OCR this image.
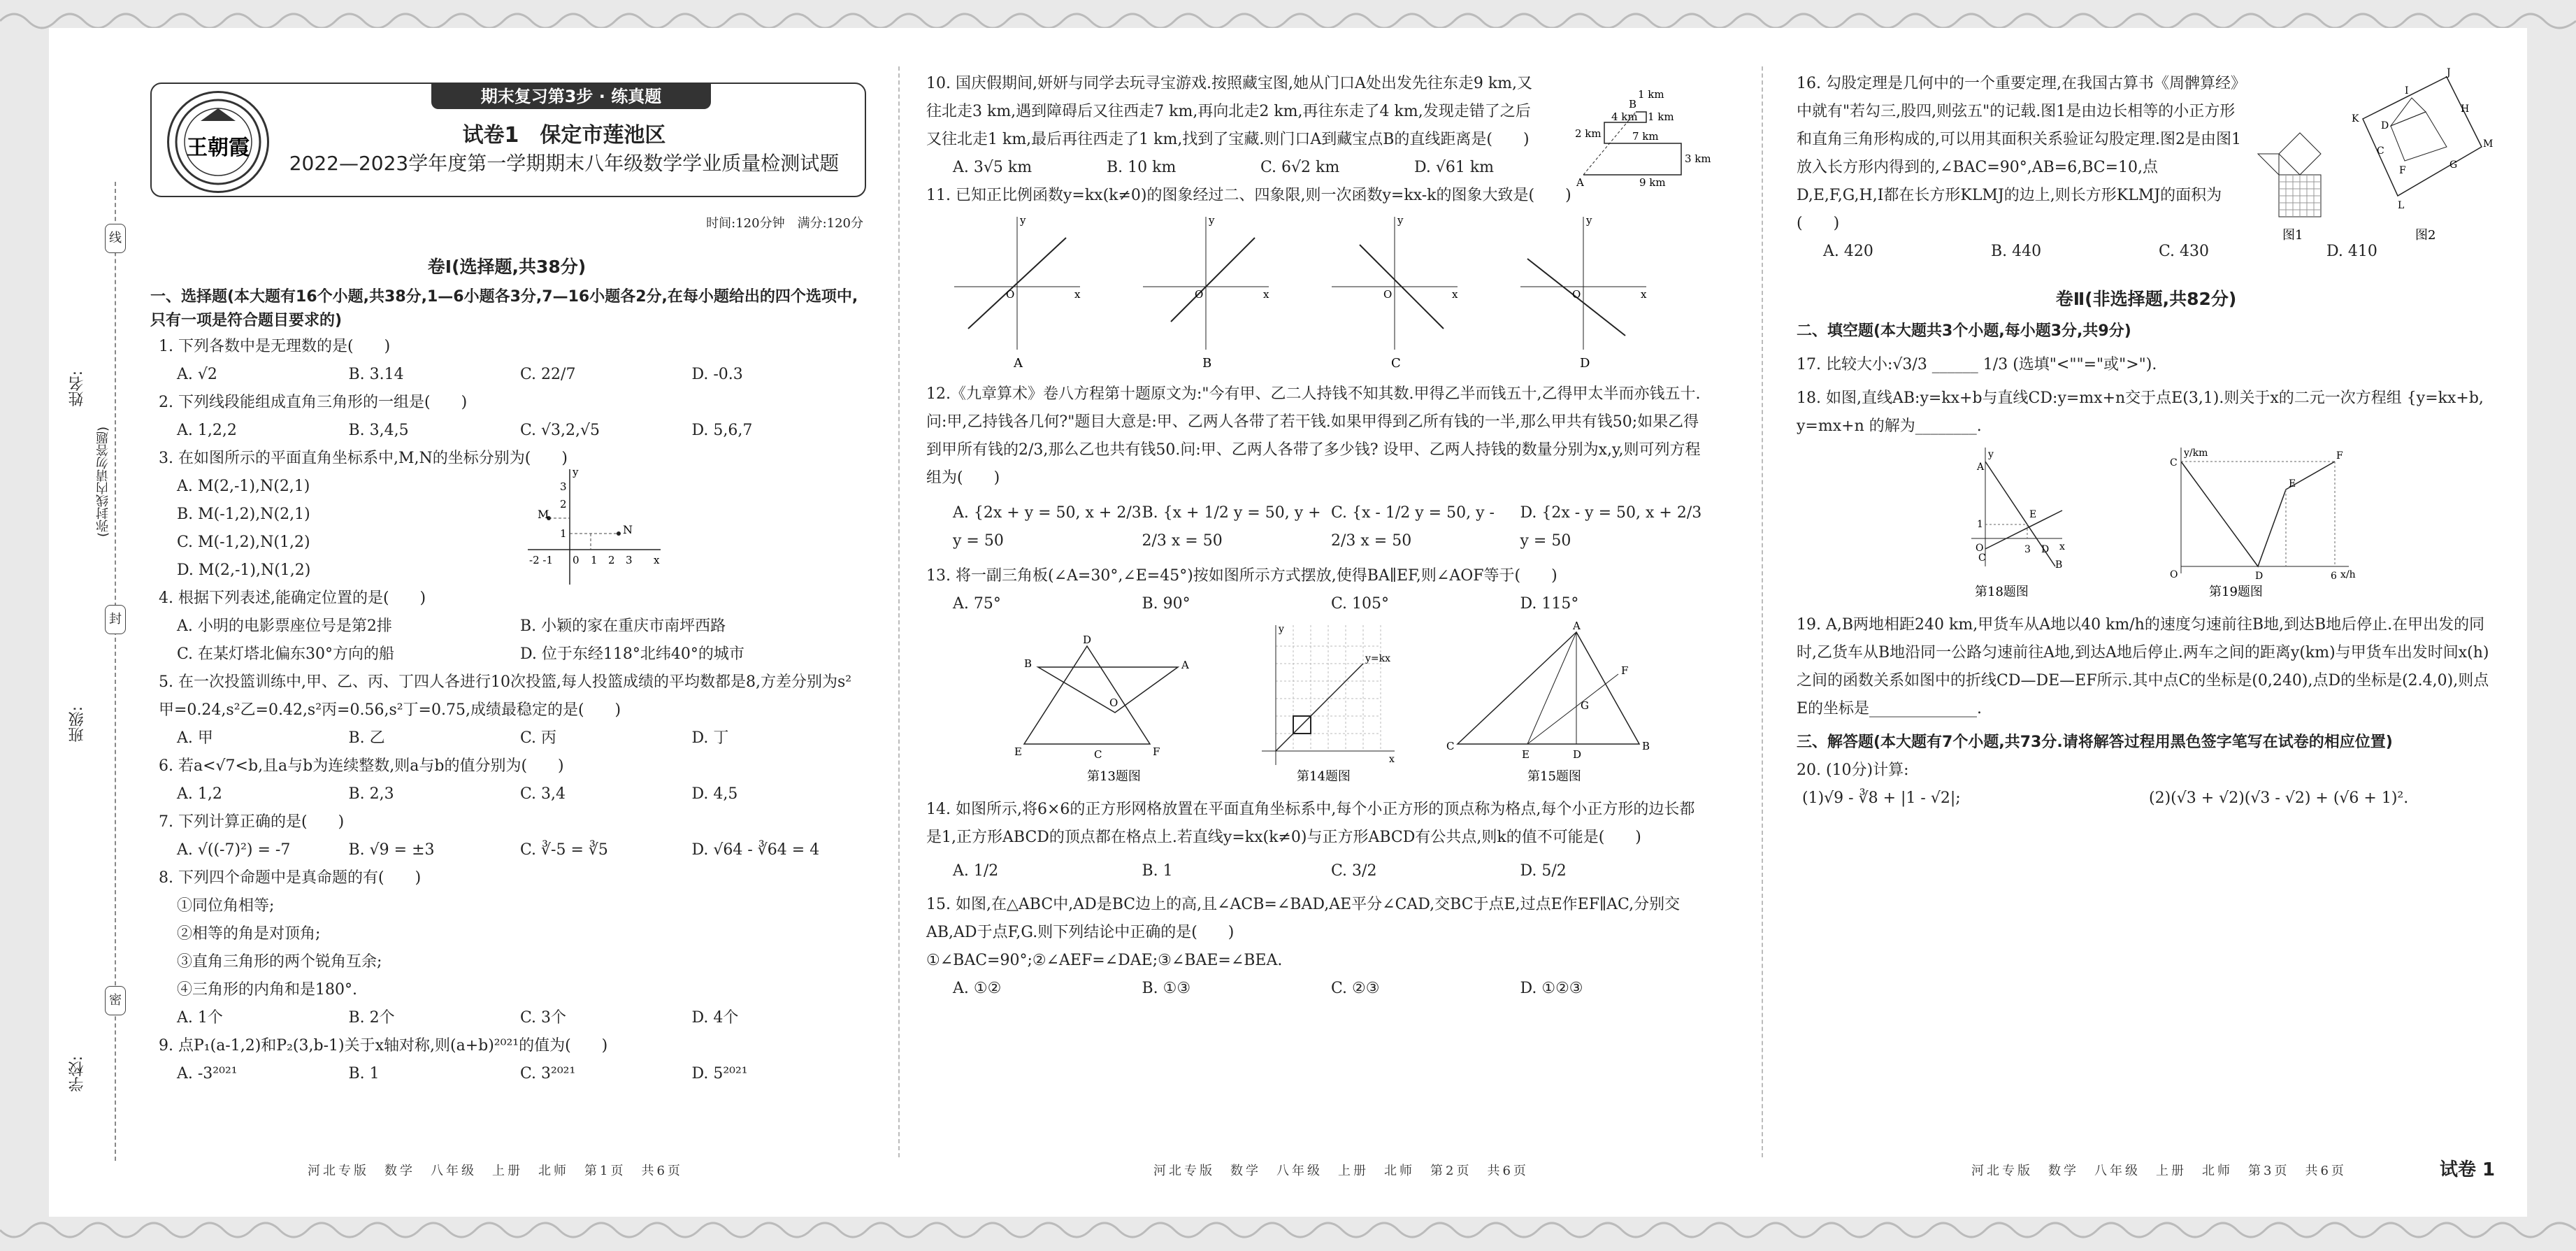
姓名:
班级:
学校:
(弥封线内请勿答题)
线
封
密
期末复习第3步 · 练真题
王朝霞
试卷1　保定市莲池区
2022—2023学年度第一学期期末八年级数学学业质量检测试题
时间:120分钟　满分:120分
卷Ⅰ(选择题,共38分)
一、选择题(本大题有16个小题,共38分,1—6小题各3分,7—16小题各2分,在每小题给出的四个选项中,只有一项是符合题目要求的)
1. 下列各数中是无理数的是(　　)
A. √2	B. 3.14	C. 22/7	D. -0.3
2. 下列线段能组成直角三角形的一组是(　　)
A. 1,2,2	B. 3,4,5	C. √3,2,√5	D. 5,6,7
3. 在如图所示的平面直角坐标系中,M,N的坐标分别为(　　)
A. M(2,-1),N(2,1)
B. M(-1,2),N(2,1)
C. M(-1,2),N(1,2)
D. M(2,-1),N(1,2)
M
N
3
2
1
-2 -1 0 1 2 3 x
y
4. 根据下列表述,能确定位置的是(　　)
A. 小明的电影票座位号是第2排	B. 小颖的家在重庆市南坪西路
C. 在某灯塔北偏东30°方向的船	D. 位于东经118°北纬40°的城市
5. 在一次投篮训练中,甲、乙、丙、丁四人各进行10次投篮,每人投篮成绩的平均数都是8,方差分别为s²甲=0.24,s²乙=0.42,s²丙=0.56,s²丁=0.75,成绩最稳定的是(　　)
A. 甲	B. 乙	C. 丙	D. 丁
6. 若a<√7<b,且a与b为连续整数,则a与b的值分别为(　　)
A. 1,2	B. 2,3	C. 3,4	D. 4,5
7. 下列计算正确的是(　　)
A. √((-7)²) = -7	B. √9 = ±3	C. ∛-5 = ∛5	D. √64 - ∛64 = 4
8. 下列四个命题中是真命题的有(　　)
①同位角相等;
②相等的角是对顶角;
③直角三角形的两个锐角互余;
④三角形的内角和是180°.
A. 1个	B. 2个	C. 3个	D. 4个
9. 点P₁(a-1,2)和P₂(3,b-1)关于x轴对称,则(a+b)²⁰²¹的值为(　　)
A. -3²⁰²¹	B. 1	C. 3²⁰²¹	D. 5²⁰²¹
10. 国庆假期间,妍妍与同学去玩寻宝游戏.按照藏宝图,她从门口A处出发先往东走9 km,又往北走3 km,遇到障碍后又往西走7 km,再向北走2 km,再往东走了4 km,发现走错了之后又往北走1 km,最后再往西走了1 km,找到了宝藏.则门口A到藏宝点B的直线距离是(　　)
A
B
9 km
3 km
7 km
2 km
4 km 1 km
1 km
A. 3√5 km	B. 10 km	C. 6√2 km	D. √61 km
11. 已知正比例函数y=kx(k≠0)的图象经过二、四象限,则一次函数y=kx-k的图象大致是(　　)
y
x
O
y
x
O
y
x
O
y
x
O
A	B	C	D
12.《九章算术》卷八方程第十题原文为:"今有甲、乙二人持钱不知其数.甲得乙半而钱五十,乙得甲太半而亦钱五十.问:甲,乙持钱各几何?"题目大意是:甲、乙两人各带了若干钱.如果甲得到乙所有钱的一半,那么甲共有钱50;如果乙得到甲所有钱的2/3,那么乙也共有钱50.问:甲、乙两人各带了多少钱? 设甲、乙两人持钱的数量分别为x,y,则可列方程组为(　　)
A. {2x + y = 50, x + 2/3 y = 50
B. {x + 1/2 y = 50, y + 2/3 x = 50
C. {x - 1/2 y = 50, y - 2/3 x = 50
D. {2x - y = 50, x + 2/3 y = 50
13. 将一副三角板(∠A=30°,∠E=45°)按如图所示方式摆放,使得BA∥EF,则∠AOF等于(　　)
A. 75°	B. 90°	C. 105°	D. 115°
B	A
D
E	F
C
O
第13题图
y=kx
y
x
第14题图
A
C	B
E	D
F
G
第15题图
14. 如图所示,将6×6的正方形网格放置在平面直角坐标系中,每个小正方形的顶点称为格点,每个小正方形的边长都是1,正方形ABCD的顶点都在格点上.若直线y=kx(k≠0)与正方形ABCD有公共点,则k的值不可能是(　　)
A. 1/2	B. 1	C. 3/2	D. 5/2
15. 如图,在△ABC中,AD是BC边上的高,且∠ACB=∠BAD,AE平分∠CAD,交BC于点E,过点E作EF∥AC,分别交AB,AD于点F,G.则下列结论中正确的是(　　)
①∠BAC=90°;②∠AEF=∠DAE;③∠BAE=∠BEA.
A. ①②	B. ①③	C. ②③	D. ①②③
16. 勾股定理是几何中的一个重要定理,在我国古算书《周髀算经》中就有"若勾三,股四,则弦五"的记载.图1是由边长相等的小正方形和直角三角形构成的,可以用其面积关系验证勾股定理.图2是由图1放入长方形内得到的,∠BAC=90°,AB=6,BC=10,点D,E,F,G,H,I都在长方形KLMJ的边上,则长方形KLMJ的面积为(　　)
图1
K
J
M
L
I
H
D
C
F	G
图2
A. 420	B. 440	C. 430	D. 410
卷Ⅱ(非选择题,共82分)
二、填空题(本大题共3个小题,每小题3分,共9分)
17. 比较大小:√3/3 ______ 1/3 (选填"<""="或">").
18. 如图,直线AB:y=kx+b与直线CD:y=mx+n交于点E(3,1).则关于x的二元一次方程组 {y=kx+b, y=mx+n 的解为________.
y
x
A
E
C
B
1
3
O	D
第18题图
y/km
x/h
C
D
E
F
O	6
第19题图
19. A,B两地相距240 km,甲货车从A地以40 km/h的速度匀速前往B地,到达B地后停止.在甲出发的同时,乙货车从B地沿同一公路匀速前往A地,到达A地后停止.两车之间的距离y(km)与甲货车出发时间x(h)之间的函数关系如图中的折线CD—DE—EF所示.其中点C的坐标是(0,240),点D的坐标是(2.4,0),则点E的坐标是______________.
三、解答题(本大题有7个小题,共73分.请将解答过程用黑色签字笔写在试卷的相应位置)
20. (10分)计算:
(1)√9 - ∛8 + |1 - √2|;	(2)(√3 + √2)(√3 - √2) + (√6 + 1)².
河北专版　数学　八年级　上册　北师　第1页　共6页	河北专版　数学　八年级　上册　北师　第2页　共6页	河北专版　数学　八年级　上册　北师　第3页　共6页	试卷 1
